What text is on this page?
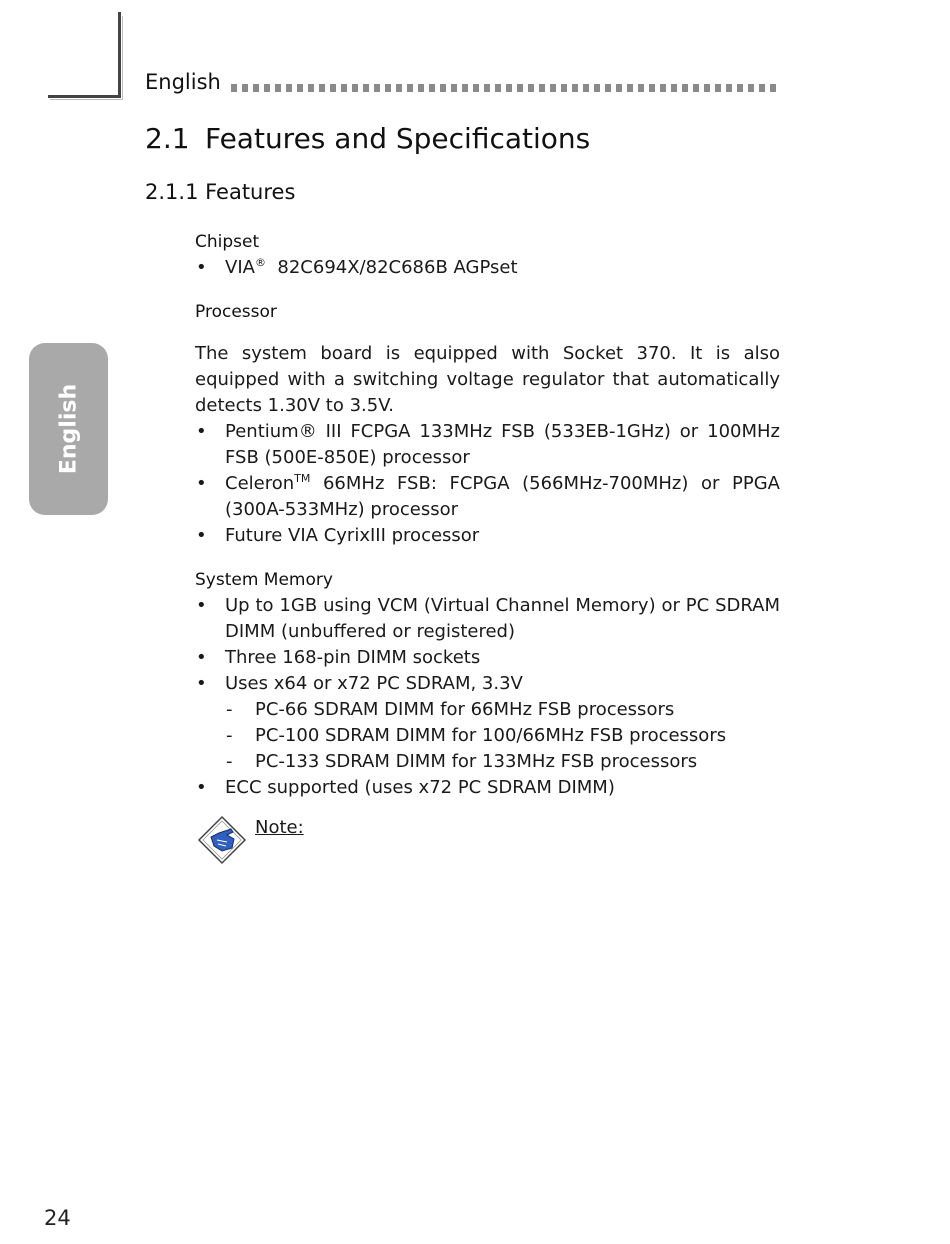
English
English
2.1 Features and Specifications
2.1.1 Features
Chipset
• VIA® 82C694X/82C686B AGPset
Processor
The system board is equipped with Socket 370. It is also equipped with a switching voltage regulator that automatically detects 1.30V to 3.5V.
• Pentium® III FCPGA 133MHz FSB (533EB-1GHz) or 100MHz FSB (500E-850E) processor
• Celeron™ 66MHz FSB: FCPGA (566MHz-700MHz) or PPGA (300A-533MHz) processor
• Future VIA CyrixIII processor
System Memory
• Up to 1GB using VCM (Virtual Channel Memory) or PC SDRAM DIMM (unbuffered or registered)
• Three 168-pin DIMM sockets
• Uses x64 or x72 PC SDRAM, 3.3V
- PC-66 SDRAM DIMM for 66MHz FSB processors
- PC-100 SDRAM DIMM for 100/66MHz FSB processors
- PC-133 SDRAM DIMM for 133MHz FSB processors
• ECC supported (uses x72 PC SDRAM DIMM)
Note:
24
